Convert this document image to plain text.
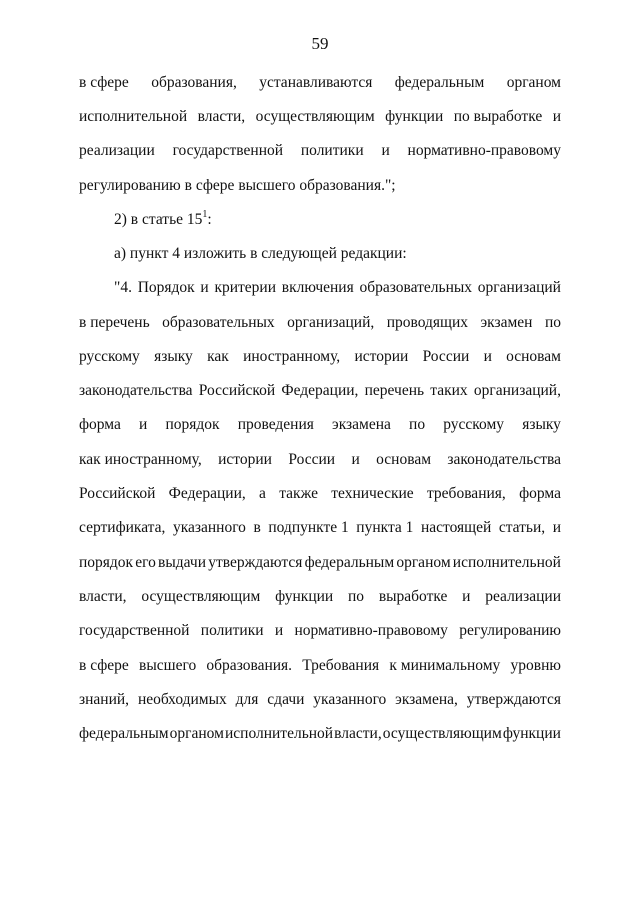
59
в сфере образования, устанавливаются федеральным органом
исполнительной власти, осуществляющим функции по выработке и
реализации государственной политики и нормативно-правовому
регулированию в сфере высшего образования.";
2) в статье $15^1$:
а) пункт 4 изложить в следующей редакции:
"4. Порядок и критерии включения образовательных организаций
в перечень образовательных организаций, проводящих экзамен по
русскому языку как иностранному, истории России и основам
законодательства Российской Федерации, перечень таких организаций,
форма и порядок проведения экзамена по русскому языку
как иностранному, истории России и основам законодательства
Российской Федерации, а также технические требования, форма
сертификата, указанного в подпункте 1 пункта 1 настоящей статьи, и
порядок его выдачи утверждаются федеральным органом исполнительной
власти, осуществляющим функции по выработке и реализации
государственной политики и нормативно-правовому регулированию
в сфере высшего образования. Требования к минимальному уровню
знаний, необходимых для сдачи указанного экзамена, утверждаются
федеральным органом исполнительной власти, осуществляющим функции
